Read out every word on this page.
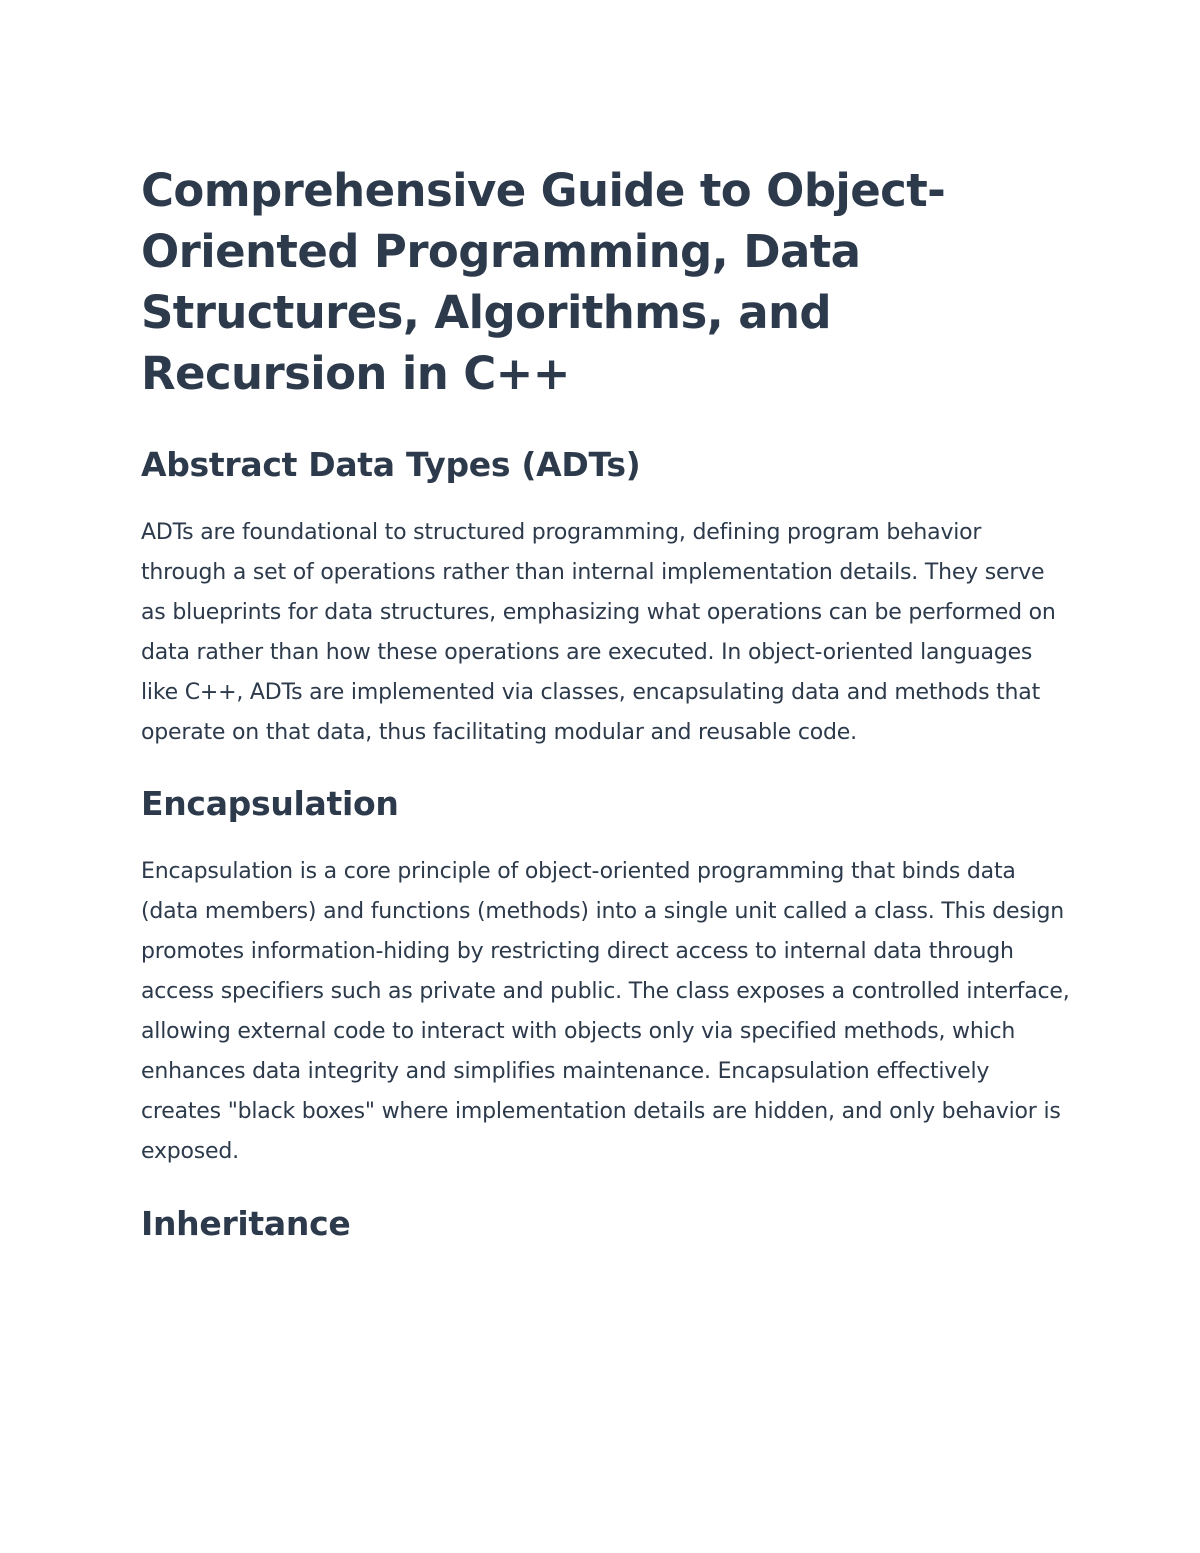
Comprehensive Guide to Object-Oriented Programming, Data Structures, Algorithms, and Recursion in C++
Abstract Data Types (ADTs)

ADTs are foundational to structured programming, defining program behavior through a set of operations rather than internal implementation details. They serve as blueprints for data structures, emphasizing what operations can be performed on data rather than how these operations are executed. In object-oriented languages like C++, ADTs are implemented via classes, encapsulating data and methods that operate on that data, thus facilitating modular and reusable code.

Encapsulation

Encapsulation is a core principle of object-oriented programming that binds data (data members) and functions (methods) into a single unit called a class. This design promotes information-hiding by restricting direct access to internal data through access specifiers such as private and public. The class exposes a controlled interface, allowing external code to interact with objects only via specified methods, which enhances data integrity and simplifies maintenance. Encapsulation effectively creates "black boxes" where implementation details are hidden, and only behavior is exposed.

Inheritance
